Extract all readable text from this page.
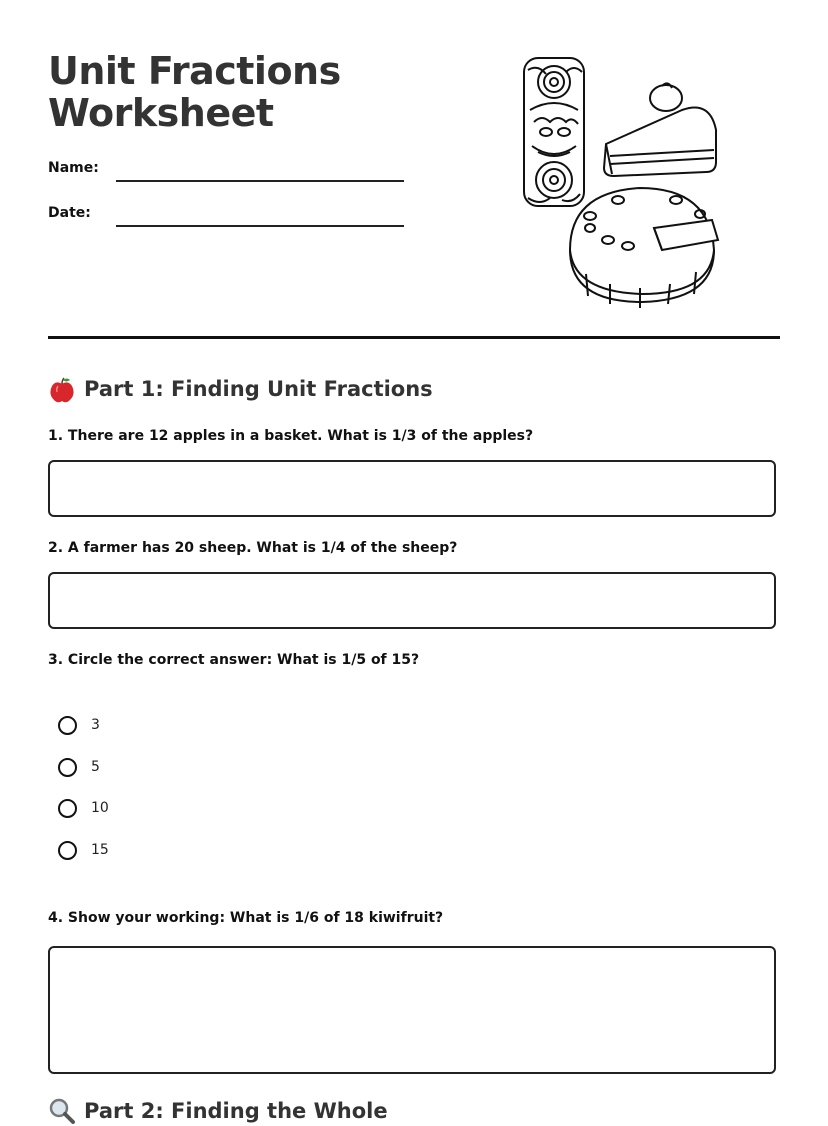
Unit Fractions
Worksheet
Name:
Date:
Part 1: Finding Unit Fractions

1. There are 12 apples in a basket. What is 1/3 of the apples?

2. A farmer has 20 sheep. What is 1/4 of the sheep?

3. Circle the correct answer: What is 1/5 of 15?

3
5
10
15

4. Show your working: What is 1/6 of 18 kiwifruit?

Part 2: Finding the Whole
